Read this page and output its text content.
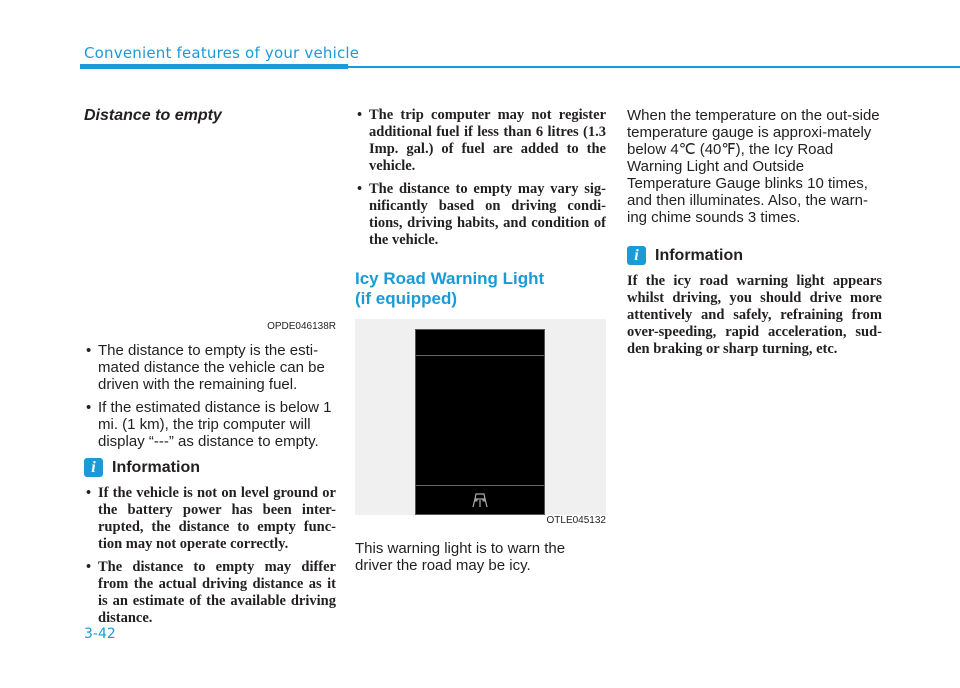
Convenient features of your vehicle
Distance to empty
OPDE046138R
• The distance to empty is the esti-mated distance the vehicle can be driven with the remaining fuel.
• If the estimated distance is below 1 mi. (1 km), the trip computer will display “---” as distance to empty.
i	Information
• If the vehicle is not on level ground or the battery power has been inter-rupted, the distance to empty func-tion may not operate correctly.
• The distance to empty may differ from the actual driving distance as it is an estimate of the available driving distance.
• The trip computer may not register additional fuel if less than 6 litres (1.3 Imp. gal.) of fuel are added to the vehicle.
• The distance to empty may vary sig-nificantly based on driving condi-tions, driving habits, and condition of the vehicle.
Icy Road Warning Light
(if equipped)
OTLE045132

This warning light is to warn the driver the road may be icy.

When the temperature on the out-side temperature gauge is approxi-mately below 4℃ (40℉), the Icy Road Warning Light and Outside Temperature Gauge blinks 10 times, and then illuminates. Also, the warn-ing chime sounds 3 times.

i	Information

If the icy road warning light appears whilst driving, you should drive more attentively and safely, refraining from over-speeding, rapid acceleration, sud-den braking or sharp turning, etc.

3-42
